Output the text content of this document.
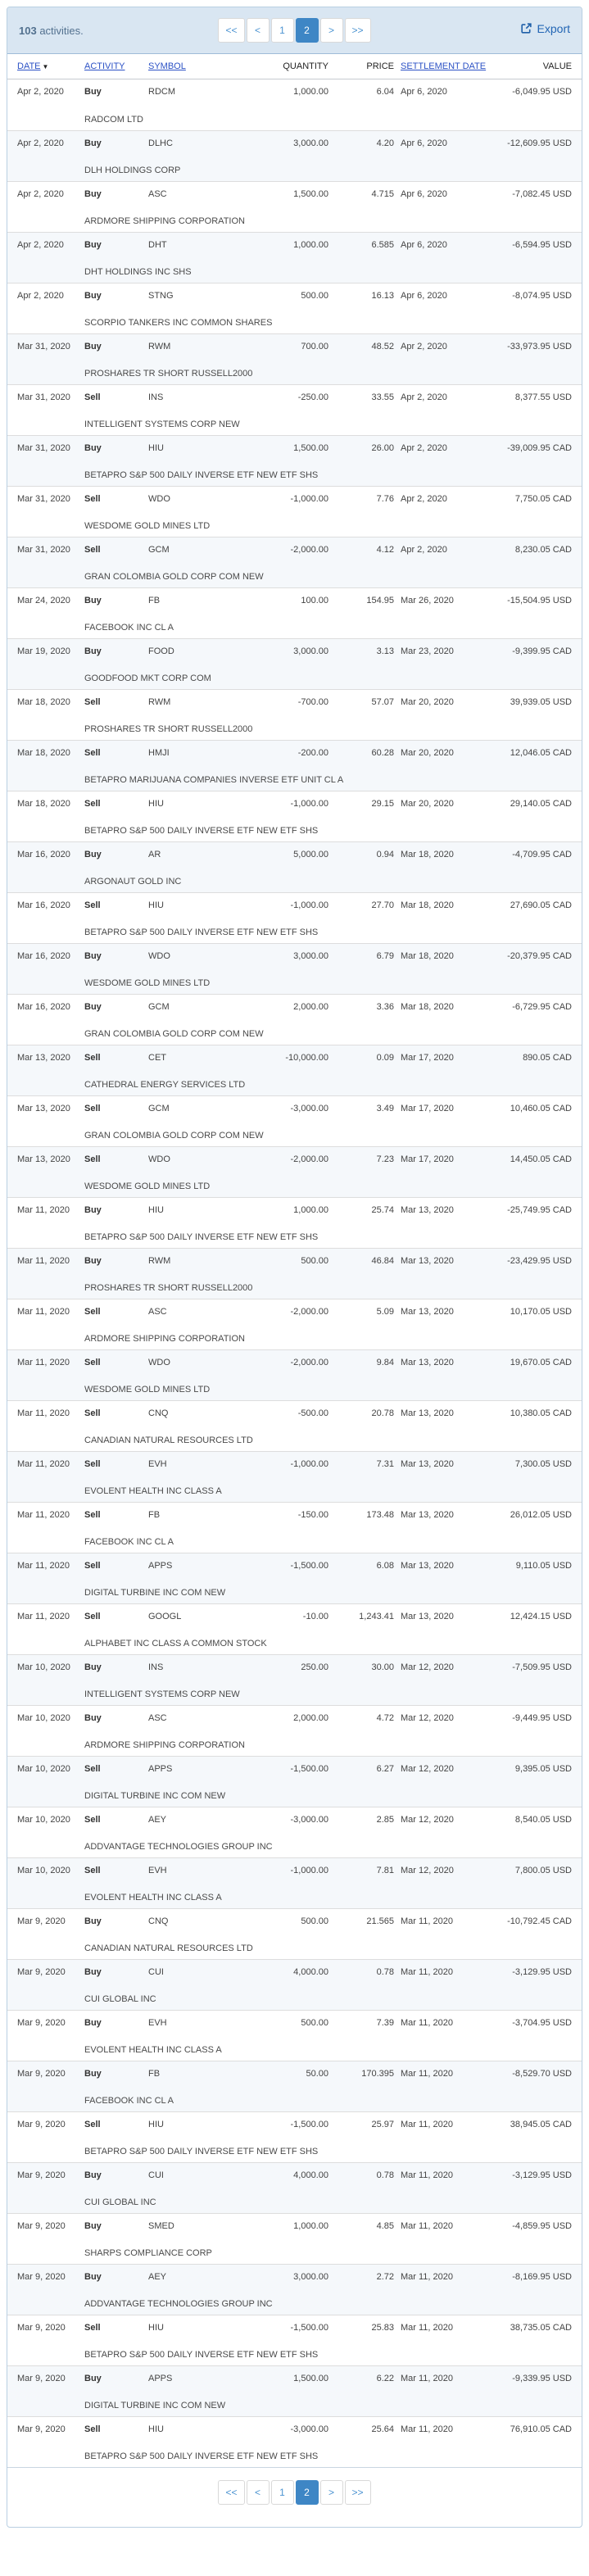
103 activities.	<<	<	1	2	>	>>	Export
DATE ▼	ACTIVITY	SYMBOL	QUANTITY	PRICE SETTLEMENT DATE	VALUE
Apr 2, 2020	Buy	RDCM	1,000.00	6.04 Apr 6, 2020	-6,049.95 USD
RADCOM LTD
Apr 2, 2020	Buy	DLHC	3,000.00	4.20 Apr 6, 2020	-12,609.95 USD
DLH HOLDINGS CORP
Apr 2, 2020	Buy	ASC	1,500.00	4.715 Apr 6, 2020	-7,082.45 USD
ARDMORE SHIPPING CORPORATION
Apr 2, 2020	Buy	DHT	1,000.00	6.585 Apr 6, 2020	-6,594.95 USD
DHT HOLDINGS INC SHS
Apr 2, 2020	Buy	STNG	500.00	16.13 Apr 6, 2020	-8,074.95 USD
SCORPIO TANKERS INC COMMON SHARES
Mar 31, 2020	Buy	RWM	700.00	48.52 Apr 2, 2020	-33,973.95 USD
PROSHARES TR SHORT RUSSELL2000
Mar 31, 2020	Sell	INS	-250.00	33.55 Apr 2, 2020	8,377.55 USD
INTELLIGENT SYSTEMS CORP NEW
Mar 31, 2020	Buy	HIU	1,500.00	26.00 Apr 2, 2020	-39,009.95 CAD
BETAPRO S&P 500 DAILY INVERSE ETF NEW ETF SHS
Mar 31, 2020	Sell	WDO	-1,000.00	7.76 Apr 2, 2020	7,750.05 CAD
WESDOME GOLD MINES LTD
Mar 31, 2020	Sell	GCM	-2,000.00	4.12 Apr 2, 2020	8,230.05 CAD
GRAN COLOMBIA GOLD CORP COM NEW
Mar 24, 2020	Buy	FB	100.00	154.95 Mar 26, 2020	-15,504.95 USD
FACEBOOK INC CL A
Mar 19, 2020	Buy	FOOD	3,000.00	3.13 Mar 23, 2020	-9,399.95 CAD
GOODFOOD MKT CORP COM
Mar 18, 2020	Sell	RWM	-700.00	57.07 Mar 20, 2020	39,939.05 USD
PROSHARES TR SHORT RUSSELL2000
Mar 18, 2020	Sell	HMJI	-200.00	60.28 Mar 20, 2020	12,046.05 CAD
BETAPRO MARIJUANA COMPANIES INVERSE ETF UNIT CL A
Mar 18, 2020	Sell	HIU	-1,000.00	29.15 Mar 20, 2020	29,140.05 CAD
BETAPRO S&P 500 DAILY INVERSE ETF NEW ETF SHS
Mar 16, 2020	Buy	AR	5,000.00	0.94 Mar 18, 2020	-4,709.95 CAD
ARGONAUT GOLD INC
Mar 16, 2020	Sell	HIU	-1,000.00	27.70 Mar 18, 2020	27,690.05 CAD
BETAPRO S&P 500 DAILY INVERSE ETF NEW ETF SHS
Mar 16, 2020	Buy	WDO	3,000.00	6.79 Mar 18, 2020	-20,379.95 CAD
WESDOME GOLD MINES LTD
Mar 16, 2020	Buy	GCM	2,000.00	3.36 Mar 18, 2020	-6,729.95 CAD
GRAN COLOMBIA GOLD CORP COM NEW
Mar 13, 2020	Sell	CET	-10,000.00	0.09 Mar 17, 2020	890.05 CAD
CATHEDRAL ENERGY SERVICES LTD
Mar 13, 2020	Sell	GCM	-3,000.00	3.49 Mar 17, 2020	10,460.05 CAD
GRAN COLOMBIA GOLD CORP COM NEW
Mar 13, 2020	Sell	WDO	-2,000.00	7.23 Mar 17, 2020	14,450.05 CAD
WESDOME GOLD MINES LTD
Mar 11, 2020	Buy	HIU	1,000.00	25.74 Mar 13, 2020	-25,749.95 CAD
BETAPRO S&P 500 DAILY INVERSE ETF NEW ETF SHS
Mar 11, 2020	Buy	RWM	500.00	46.84 Mar 13, 2020	-23,429.95 USD
PROSHARES TR SHORT RUSSELL2000
Mar 11, 2020	Sell	ASC	-2,000.00	5.09 Mar 13, 2020	10,170.05 USD
ARDMORE SHIPPING CORPORATION
Mar 11, 2020	Sell	WDO	-2,000.00	9.84 Mar 13, 2020	19,670.05 CAD
WESDOME GOLD MINES LTD
Mar 11, 2020	Sell	CNQ	-500.00	20.78 Mar 13, 2020	10,380.05 CAD
CANADIAN NATURAL RESOURCES LTD
Mar 11, 2020	Sell	EVH	-1,000.00	7.31 Mar 13, 2020	7,300.05 USD
EVOLENT HEALTH INC CLASS A
Mar 11, 2020	Sell	FB	-150.00	173.48 Mar 13, 2020	26,012.05 USD
FACEBOOK INC CL A
Mar 11, 2020	Sell	APPS	-1,500.00	6.08 Mar 13, 2020	9,110.05 USD
DIGITAL TURBINE INC COM NEW
Mar 11, 2020	Sell	GOOGL	-10.00	1,243.41 Mar 13, 2020	12,424.15 USD
ALPHABET INC CLASS A COMMON STOCK
Mar 10, 2020	Buy	INS	250.00	30.00 Mar 12, 2020	-7,509.95 USD
INTELLIGENT SYSTEMS CORP NEW
Mar 10, 2020	Buy	ASC	2,000.00	4.72 Mar 12, 2020	-9,449.95 USD
ARDMORE SHIPPING CORPORATION
Mar 10, 2020	Sell	APPS	-1,500.00	6.27 Mar 12, 2020	9,395.05 USD
DIGITAL TURBINE INC COM NEW
Mar 10, 2020	Sell	AEY	-3,000.00	2.85 Mar 12, 2020	8,540.05 USD
ADDVANTAGE TECHNOLOGIES GROUP INC
Mar 10, 2020	Sell	EVH	-1,000.00	7.81 Mar 12, 2020	7,800.05 USD
EVOLENT HEALTH INC CLASS A
Mar 9, 2020	Buy	CNQ	500.00	21.565 Mar 11, 2020	-10,792.45 CAD
CANADIAN NATURAL RESOURCES LTD
Mar 9, 2020	Buy	CUI	4,000.00	0.78 Mar 11, 2020	-3,129.95 USD
CUI GLOBAL INC
Mar 9, 2020	Buy	EVH	500.00	7.39 Mar 11, 2020	-3,704.95 USD
EVOLENT HEALTH INC CLASS A
Mar 9, 2020	Buy	FB	50.00	170.395 Mar 11, 2020	-8,529.70 USD
FACEBOOK INC CL A
Mar 9, 2020	Sell	HIU	-1,500.00	25.97 Mar 11, 2020	38,945.05 CAD
BETAPRO S&P 500 DAILY INVERSE ETF NEW ETF SHS
Mar 9, 2020	Buy	CUI	4,000.00	0.78 Mar 11, 2020	-3,129.95 USD
CUI GLOBAL INC
Mar 9, 2020	Buy	SMED	1,000.00	4.85 Mar 11, 2020	-4,859.95 USD
SHARPS COMPLIANCE CORP
Mar 9, 2020	Buy	AEY	3,000.00	2.72 Mar 11, 2020	-8,169.95 USD
ADDVANTAGE TECHNOLOGIES GROUP INC
Mar 9, 2020	Sell	HIU	-1,500.00	25.83 Mar 11, 2020	38,735.05 CAD
BETAPRO S&P 500 DAILY INVERSE ETF NEW ETF SHS
Mar 9, 2020	Buy	APPS	1,500.00	6.22 Mar 11, 2020	-9,339.95 USD
DIGITAL TURBINE INC COM NEW
Mar 9, 2020	Sell	HIU	-3,000.00	25.64 Mar 11, 2020	76,910.05 CAD
BETAPRO S&P 500 DAILY INVERSE ETF NEW ETF SHS
<<	<	1	2	>	>>
